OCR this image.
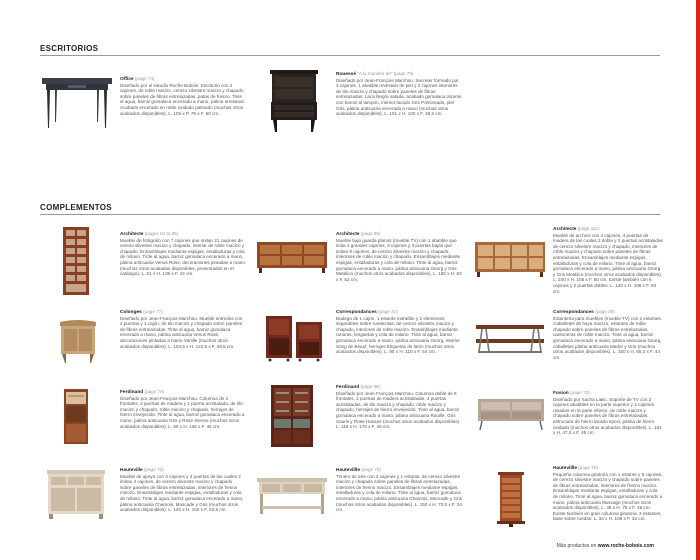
ESCRITORIOS
Office (page 74)
Diseñado por el estudio Roche Bobois. Escritorio con 2 cajones, de roble macizo, cerezo silvestre macizo y chapado sobre paneles de fibras entrelazadas, patas de fresno. Tinte al agua, barniz gomalaca encerado a mano, pátina artesanal. Acabado encerado en roble oxidado patinado (muchos otros acabados disponibles). L. 105 x P. 75 x F. 60 cm.
Rouessé "A la manière de" (page 79)
Diseñado por Jean-François Marchou. Secreter formado por 3 cajones, 1 abatible revestido de piel y 2 cajones interiores de tilo macizo y chapado sobre paneles de fibras entrelazadas. Laca Negra satada, acabado gomalaca tintante con barniz al tampón, interior lacado Gris Polvoreado, piel Gris, pátina anticuaria encerada a mano (muchos otros acabados disponibles). L. 101 x H. 130 x F. 46,5 cm.
COMPLEMENTOS
Architecte (pages 84 to 85)
Mueble de fotógrafo con 7 cajones que imitan 21 cajones de cerezo silvestre macizo y chapado, interior de roble macizo y chapado. Ensamblajes mediante espigas, entalladuras y cola de milano. Tinte al agua, barniz gomalaca encerado a mano, pátina anticuaria Venus Rose, decoraciones pintadas a mano (muchos otros acabados disponibles, presentados en el catálogo). L. 61 x H. 138 x F. 42 cm.
Architecte (page 85)
Mueble bajo guarda planos (mueble TV) con 1 abatible que imita 2 grandes cajones, 3 cajones y 3 puertas bajas que imitan 6 cajones, de cerezo silvestre macizo y chapado, interiores de roble macizo y chapado. Ensamblajes mediante espigas, entalladuras y cola de milano. Tinte al agua, barniz gomalaca encerado a mano, pátina anticuaria Georg y Gris Metálico (muchos otros acabados disponibles). L. 160 x H. 63 x F. 52 cm.
Architecte (page 112)
Mueble de archivo con 4 cajones, 4 puertas de madera de las cuales 2 doble y 2 puertas acristaladas de cerezo silvestre macizo y chapado, interiores de roble macizo y chapado sobre paneles de fibras entrelazadas. Ensamblajes mediante espigas, entalladuras y cola de milano. Tinte al agua, barniz gomalaca encerado a mano, pátina anticuaria Georg y Gris Metálico (muchos otros acabados disponibles). L. 240 x H. 106 x F. 50 cm. Existe también con 6 cajones y 2 puertas dobles: L. 120 x H. 106 x F. 50 cm.
Colonges (page 77)
Diseñado por Jean-François Marchou. Mueble entredos con 2 puertas y 1 cajón, de tilo macizo y chapado sobre paneles de fibras entrelazadas. Tinte al agua, barniz gomalaca encerado a mano, pátina anticuaria Venus Rose, decoraciones pintadas a mano Vanille (muchos otros acabados disponibles). L. 104,5 x H. 122,5 x F. 46,5 cm.
Correspondances (page 31)
Bodega de 1 cajón, 1 estante extraíble y 2 elementos separables sobre ruedecitas, de cerezo silvestre macizo y chapado, interiores de roble macizo. Ensamblajes mediante ranuras, lengüetas y cola de milano. Tinte al agua, barniz gomalaca encerado a mano, pátina anticuaria Georg, interior Sang de Beauf, herrajes Etiquetas de latón (muchos otros acabados disponibles). L. 90 x H. 110 x F. 54 cm.
Correspondances (page 30)
Estantería para muebles (mueble TV) con 2 estantes. Caballetes de haya macizo, estantes de roble chapado sobre paneles de fibras entrelazadas, cantoneras de roble macizo. Tinte al agua, barniz gomalaca encerado a mano, pátina anticuaria Georg, caballetes pátina anticuaria Mador y Gris (muchos otros acabados disponibles). L. 160 x H. 60,3 x F. 44 cm.
Ferdinand (page 70)
Diseñado por Jean-François Marchou. Columna de 2 frontales, 2 puertas de madera y 1 puerta acristalada, de tilo macizo y chapado, roble macizo y chapado, herrajes de hierro envejecido. Tinte al agua, barniz gomalaca encerado a mano, pátina anticuaria Gris y Rose Sienne (muchos otros acabados disponibles). L. 60 x H. 136 x F. 45 cm.
Ferdinand (page 68)
Diseñado por Jean-François Marchou. Columna doble de 8 frontales, 2 puertas de madera acristaladas, 4 puertas acristaladas, de tilo macizo y chapado, roble macizo y chapado, herrajes de hierro envejecido. Tinte al agua, barniz gomalaca encerado a mano, pátina anticuaria Rouille, Gris Souris y Rose Havane (muchos otros acabados disponibles). L. 118 x H. 178 x F. 45 cm.
Fusion (page 73)
Diseñado por Sacha Lakic. Soporte de TV con 2 cajones abatibles en la parte superior y 2 cajones rasados en la parte inferior, de roble macizo y chapado sobre paneles de fibras entrelazadas, estructura de hierro lacado epoxi, pátina de hierro oxidado (muchos otros acabados disponibles). L. 151 x H. 47,5 x F. 45 cm.
Hauteville (page 76)
Mueble de apoyo con 3 cajones y 4 puertas de las cuales 2 imitan 4 cajones, de cerezo silvestre macizo y chapado sobre paneles de fibras entrelazadas, interiores de fresno macizo. Ensamblajes mediante espigas, entalladuras y cola de milano. Tinte al agua, barniz gomalaca encerado a mano, pátina anticuaria Chamois, Muscade y Gris (muchos otros acabados disponibles). L. 120 x H. 102 x F. 63,5 cm.
Hautevillle (page 78)
Trinero de arte con 3 cajones y 1 estante, de cerezo silvestre macizo y chapado sobre paneles de fibras entrelazadas, interiores de fresno macizo. Ensamblajes mediante espigas, entalladuras y cola de milano. Tinte al agua, barniz gomalaca encerado a mano, pátina anticuaria Chamois, Muscade y Gris (muchos otros acabados disponibles). L. 150 x H. 70,5 x F. 34 cm.
Hautevillle (page 78)
Pequeña columna giratoria con 1 estante y 6 cajones, de cerezo silvestre macizo y chapado sobre paneles de fibras entrelazadas, interiores de fresno macizo. Ensamblajes mediante espigas, entalladuras y cola de milano. Tinte al agua, barniz gomalaca encerado a mano, pátina anticuaria Muscage (muchos otros acabados disponibles). L. 46 x H. 75 x F. 46 cm. Existe también en gran columna giratoria, 3 estantes, base sobre ruedas: L. 34 x H. 108 x F. 32 cm.
Más productos en www.roche-bobois.com
